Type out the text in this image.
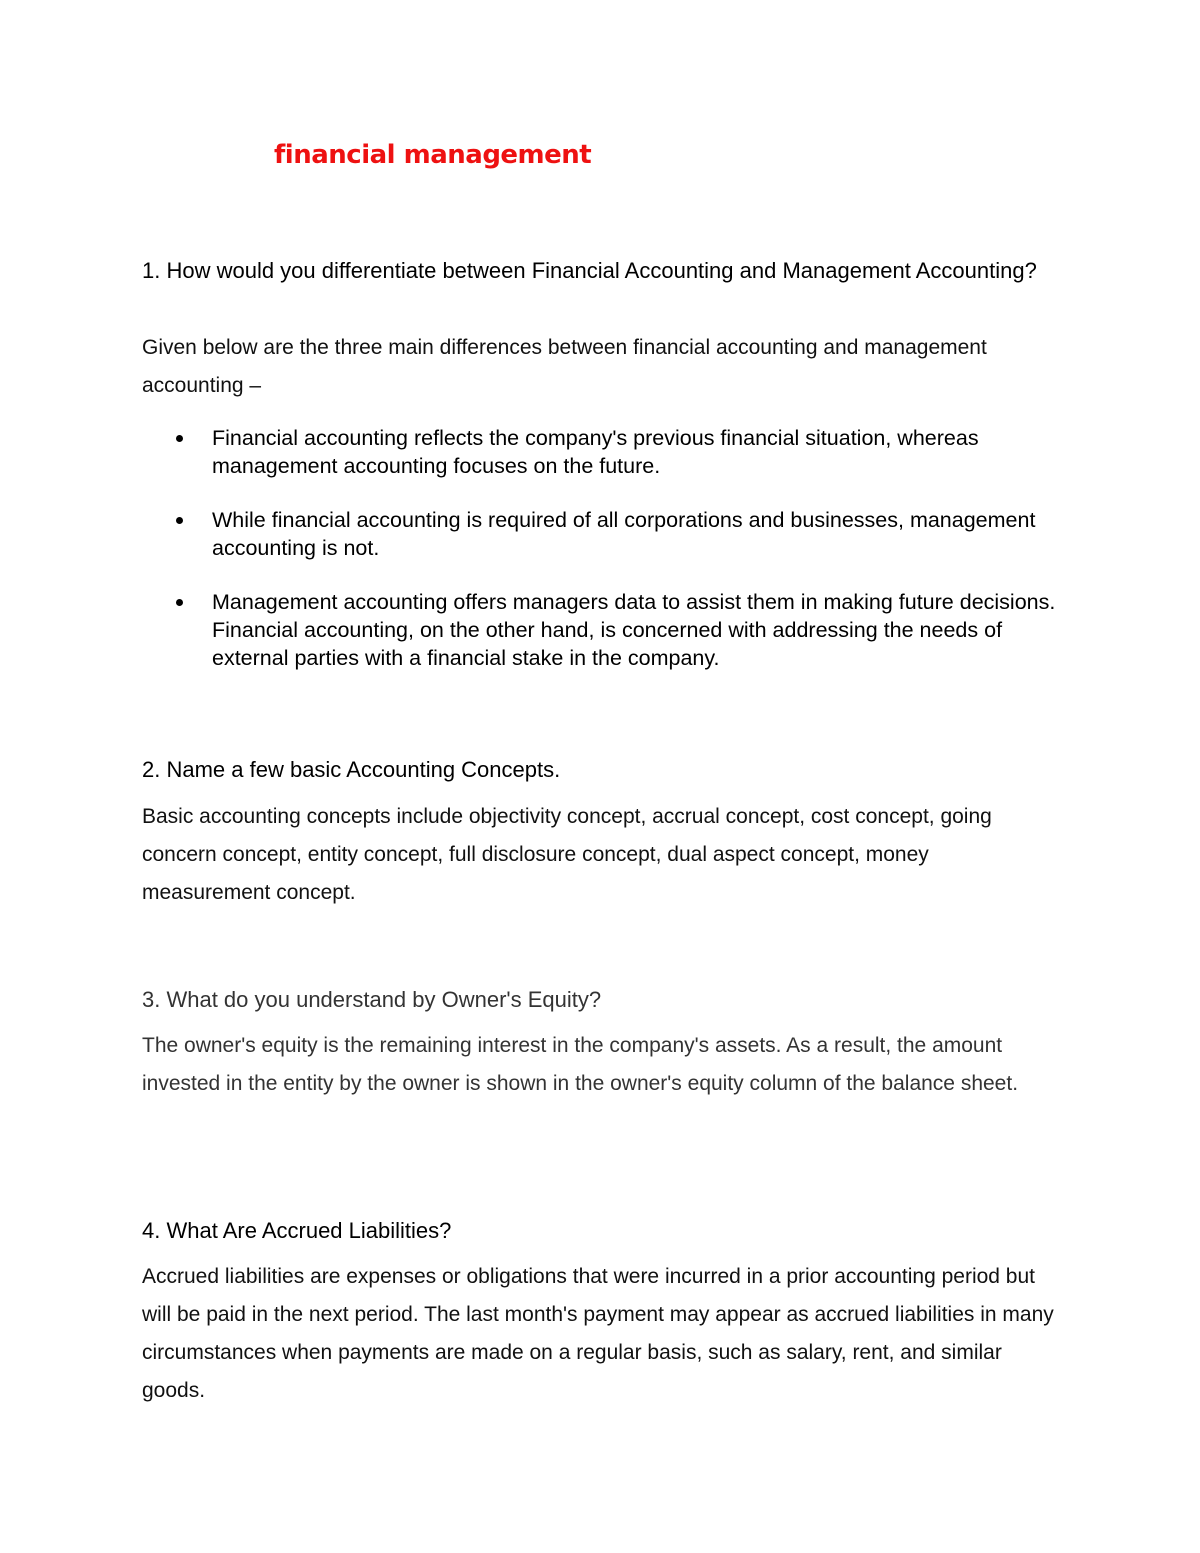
financial management

1. How would you differentiate between Financial Accounting and Management Accounting?

Given below are the three main differences between financial accounting and management accounting –

Financial accounting reflects the company's previous financial situation, whereas management accounting focuses on the future.
While financial accounting is required of all corporations and businesses, management accounting is not.
Management accounting offers managers data to assist them in making future decisions. Financial accounting, on the other hand, is concerned with addressing the needs of external parties with a financial stake in the company.

2. Name a few basic Accounting Concepts.

Basic accounting concepts include objectivity concept, accrual concept, cost concept, going concern concept, entity concept, full disclosure concept, dual aspect concept, money measurement concept.

3. What do you understand by Owner's Equity?

The owner's equity is the remaining interest in the company's assets. As a result, the amount invested in the entity by the owner is shown in the owner's equity column of the balance sheet.

4. What Are Accrued Liabilities?

Accrued liabilities are expenses or obligations that were incurred in a prior accounting period but will be paid in the next period. The last month's payment may appear as accrued liabilities in many circumstances when payments are made on a regular basis, such as salary, rent, and similar goods.
